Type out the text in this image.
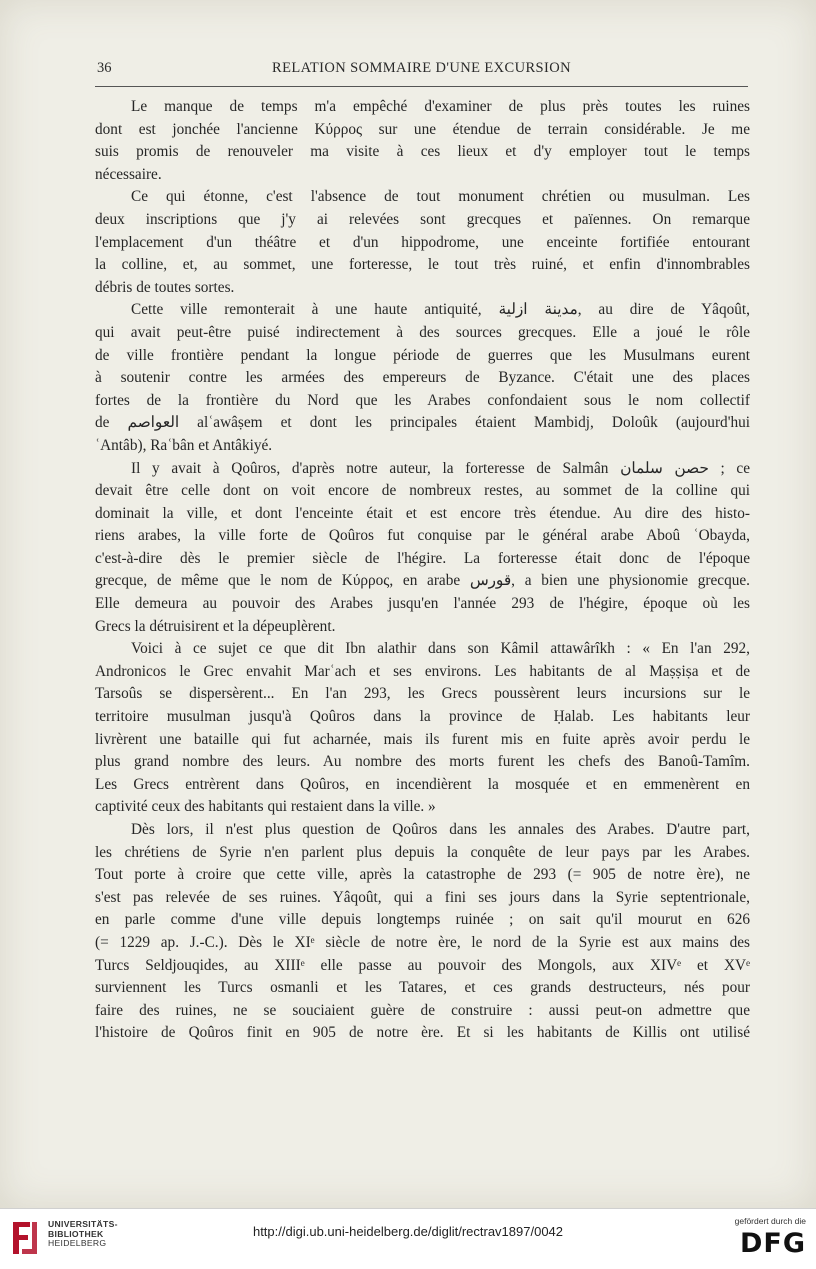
36	RELATION SOMMAIRE D'UNE EXCURSION
Le manque de temps m'a empêché d'examiner de plus près toutes les ruines
dont est jonchée l'ancienne Κύρρος sur une étendue de terrain considérable. Je me
suis promis de renouveler ma visite à ces lieux et d'y employer tout le temps
nécessaire.
Ce qui étonne, c'est l'absence de tout monument chrétien ou musulman. Les
deux inscriptions que j'y ai relevées sont grecques et païennes. On remarque
l'emplacement d'un théâtre et d'un hippodrome, une enceinte fortifiée entourant
la colline, et, au sommet, une forteresse, le tout très ruiné, et enfin d'innombrables
débris de toutes sortes.
Cette ville remonterait à une haute antiquité, مدينة ازلية, au dire de Yâqoût,
qui avait peut-être puisé indirectement à des sources grecques. Elle a joué le rôle
de ville frontière pendant la longue période de guerres que les Musulmans eurent
à soutenir contre les armées des empereurs de Byzance. C'était une des places
fortes de la frontière du Nord que les Arabes confondaient sous le nom collectif
de العواصم alʿawâṣem et dont les principales étaient Mambidj, Doloûk (aujourd'hui
ʿAntâb), Raʿbân et Antâkiyé.
Il y avait à Qoûros, d'après notre auteur, la forteresse de Salmân حصن سلمان ; ce
devait être celle dont on voit encore de nombreux restes, au sommet de la colline qui
dominait la ville, et dont l'enceinte était et est encore très étendue. Au dire des histo-
riens arabes, la ville forte de Qoûros fut conquise par le général arabe Aboû ʿObayda,
c'est-à-dire dès le premier siècle de l'hégire. La forteresse était donc de l'époque
grecque, de même que le nom de Κύρρος, en arabe قورس, a bien une physionomie grecque.
Elle demeura au pouvoir des Arabes jusqu'en l'année 293 de l'hégire, époque où les
Grecs la détruisirent et la dépeuplèrent.
Voici à ce sujet ce que dit Ibn alathir dans son Kâmil attawârîkh : « En l'an 292,
Andronicos le Grec envahit Marʿach et ses environs. Les habitants de al Maṣṣiṣa et de
Tarsoûs se dispersèrent... En l'an 293, les Grecs poussèrent leurs incursions sur le
territoire musulman jusqu'à Qoûros dans la province de Ḥalab. Les habitants leur
livrèrent une bataille qui fut acharnée, mais ils furent mis en fuite après avoir perdu le
plus grand nombre des leurs. Au nombre des morts furent les chefs des Banoû-Tamîm.
Les Grecs entrèrent dans Qoûros, en incendièrent la mosquée et en emmenèrent en
captivité ceux des habitants qui restaient dans la ville. »
Dès lors, il n'est plus question de Qoûros dans les annales des Arabes. D'autre part,
les chrétiens de Syrie n'en parlent plus depuis la conquête de leur pays par les Arabes.
Tout porte à croire que cette ville, après la catastrophe de 293 (= 905 de notre ère), ne
s'est pas relevée de ses ruines. Yâqoût, qui a fini ses jours dans la Syrie septentrionale,
en parle comme d'une ville depuis longtemps ruinée ; on sait qu'il mourut en 626
(= 1229 ap. J.-C.). Dès le XIᵉ siècle de notre ère, le nord de la Syrie est aux mains des
Turcs Seldjouqides, au XIIIᵉ elle passe au pouvoir des Mongols, aux XIVᵉ et XVᵉ
surviennent les Turcs osmanli et les Tatares, et ces grands destructeurs, nés pour
faire des ruines, ne se souciaient guère de construire : aussi peut-on admettre que
l'histoire de Qoûros finit en 905 de notre ère. Et si les habitants de Killis ont utilisé
UNIVERSITÄTS-
BIBLIOTHEK
HEIDELBERG
http://digi.ub.uni-heidelberg.de/diglit/rectrav1897/0042
gefördert durch die
DFG
